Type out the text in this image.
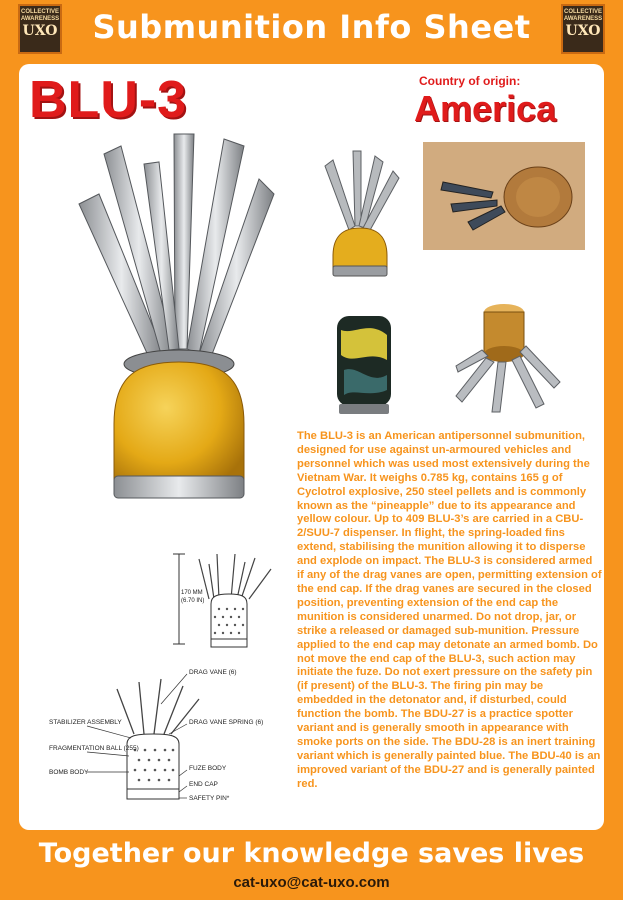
COLLECTIVE
AWARENESS
UXO
COLLECTIVE
AWARENESS
UXO
Submunition Info Sheet
BLU-3	Country of origin:
America
170 MM
(6.70 IN)
DRAG VANE (6)
STABILIZER ASSEMBLY	DRAG VANE SPRING (6)
FRAGMENTATION BALL (255)
FUZE BODY
BOMB BODY
END CAP
SAFETY PIN*

The BLU-3 is an American antipersonnel submunition, designed for use against un-armoured vehicles and personnel which was used most extensively during the Vietnam War. It weighs 0.785 kg, contains 165 g of Cyclotrol explosive, 250 steel pellets and is commonly known as the “pineapple” due to its appearance and yellow colour. Up to 409 BLU-3’s are carried in a CBU-2/SUU-7 dispenser. In flight, the spring-loaded fins extend, stabilising the munition allowing it to disperse and explode on impact. The BLU-3 is considered armed if any of the drag vanes are open, permitting extension of the end cap. If the drag vanes are secured in the closed position, preventing extension of the end cap the munition is considered unarmed. Do not drop, jar, or strike a released or damaged sub-munition. Pressure applied to the end cap may detonate an armed bomb. Do not move the end cap of the BLU-3, such action may initiate the fuze. Do not exert pressure on the safety pin (if present) of the BLU-3. The firing pin may be embedded in the detonator and, if disturbed, could function the bomb. The BDU-27 is a practice spotter variant and is generally smooth in appearance with smoke ports on the side. The BDU-28 is an inert training variant which is generally painted blue. The BDU-40 is an improved variant of the BDU-27 and is generally painted red.

Together our knowledge saves lives
cat-uxo@cat-uxo.com
